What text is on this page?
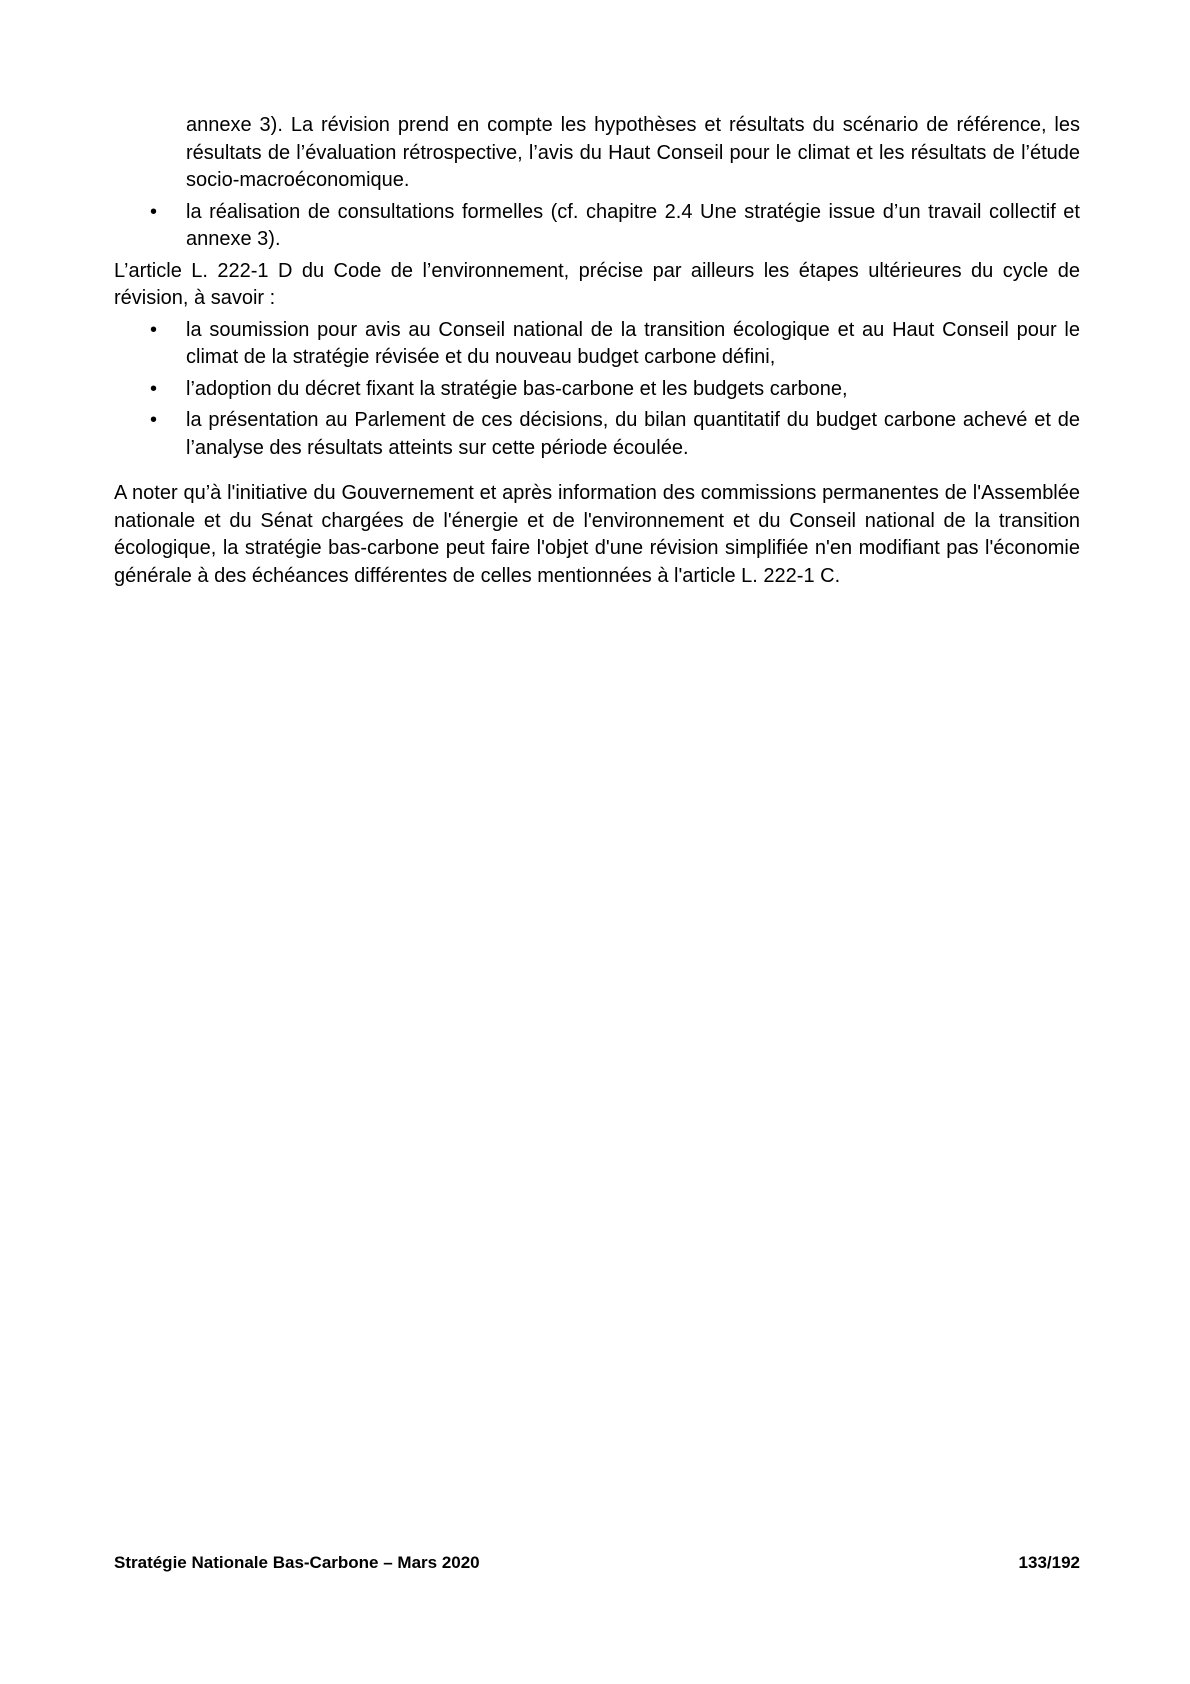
annexe 3). La révision prend en compte les hypothèses et résultats du scénario de référence, les résultats de l’évaluation rétrospective, l’avis du Haut Conseil pour le climat et les résultats de l’étude socio-macroéconomique.

• la réalisation de consultations formelles (cf. chapitre 2.4 Une stratégie issue d’un travail collectif et annexe 3).

L’article L. 222-1 D du Code de l’environnement, précise par ailleurs les étapes ultérieures du cycle de révision, à savoir :

• la soumission pour avis au Conseil national de la transition écologique et au Haut Conseil pour le climat de la stratégie révisée et du nouveau budget carbone défini,
• l’adoption du décret fixant la stratégie bas-carbone et les budgets carbone,
• la présentation au Parlement de ces décisions, du bilan quantitatif du budget carbone achevé et de l’analyse des résultats atteints sur cette période écoulée.

A noter qu’à l'initiative du Gouvernement et après information des commissions permanentes de l'Assemblée nationale et du Sénat chargées de l'énergie et de l'environnement et du Conseil national de la transition écologique, la stratégie bas-carbone peut faire l'objet d'une révision simplifiée n'en modifiant pas l'économie générale à des échéances différentes de celles mentionnées à l'article L. 222-1 C.

Stratégie Nationale Bas-Carbone – Mars 2020	133/192
